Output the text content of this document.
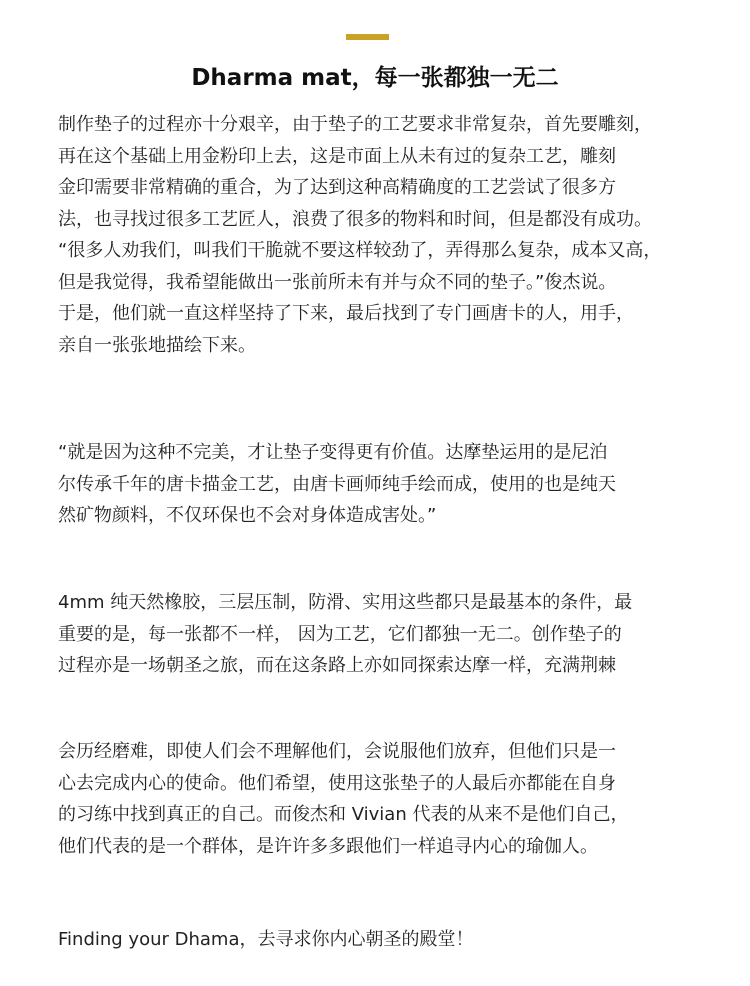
Dharma mat，每一张都独一无二
制作垫子的过程亦十分艰辛，由于垫子的工艺要求非常复杂，首先要雕刻，
再在这个基础上用金粉印上去，这是市面上从未有过的复杂工艺，雕刻
金印需要非常精确的重合，为了达到这种高精确度的工艺尝试了很多方
法，也寻找过很多工艺匠人，浪费了很多的物料和时间，但是都没有成功。
“很多人劝我们，叫我们干脆就不要这样较劲了，弄得那么复杂，成本又高，
但是我觉得，我希望能做出一张前所未有并与众不同的垫子。”俊杰说。
于是，他们就一直这样坚持了下来，最后找到了专门画唐卡的人，用手，
亲自一张张地描绘下来。
“就是因为这种不完美，才让垫子变得更有价值。达摩垫运用的是尼泊
尔传承千年的唐卡描金工艺，由唐卡画师纯手绘而成，使用的也是纯天
然矿物颜料，不仅环保也不会对身体造成害处。”
4mm 纯天然橡胶，三层压制，防滑、实用这些都只是最基本的条件，最
重要的是，每一张都不一样， 因为工艺，它们都独一无二。创作垫子的
过程亦是一场朝圣之旅，而在这条路上亦如同探索达摩一样，充满荆棘
会历经磨难，即使人们会不理解他们，会说服他们放弃，但他们只是一
心去完成内心的使命。他们希望，使用这张垫子的人最后亦都能在自身
的习练中找到真正的自己。而俊杰和 Vivian 代表的从来不是他们自己，
他们代表的是一个群体，是许许多多跟他们一样追寻内心的瑜伽人。
Finding your Dhama，去寻求你内心朝圣的殿堂！
